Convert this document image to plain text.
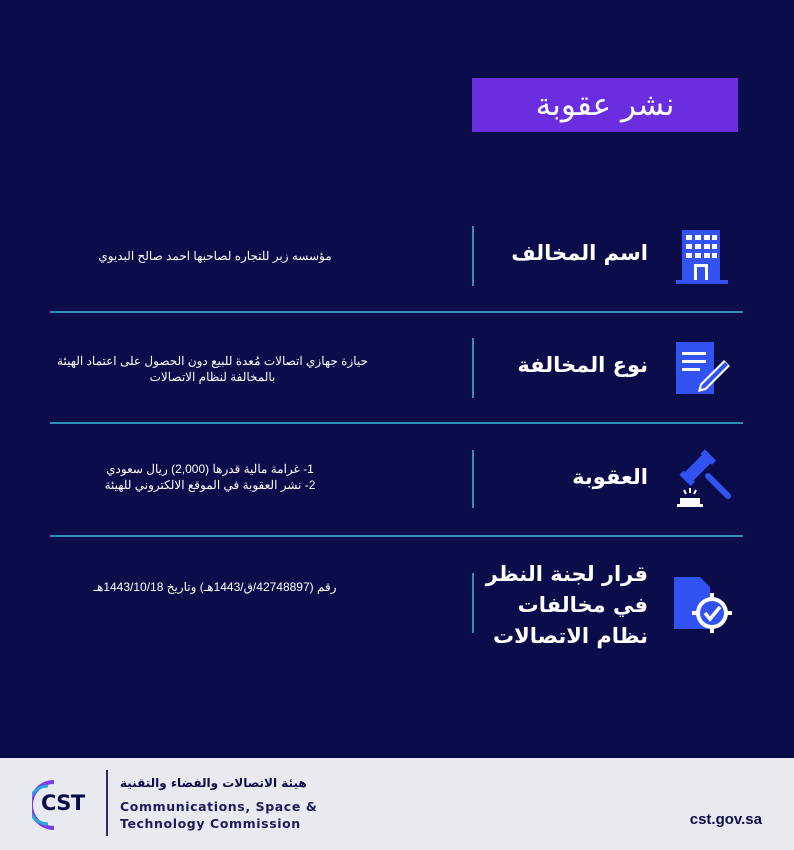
نشر عقوبة
اسم المخالف
مؤسسه زبر للتجاره لصاحبها احمد صالح البديوي
نوع المخالفة
حيازة جهازي اتصالات مُعدة للبيع دون الحصول على اعتماد الهيئة بالمخالفة لنظام الاتصالات
العقوبة
1- غرامة مالية قدرها (2,000) ريال سعودي
2- نشر العقوبة في الموقع الالكتروني للهيئة
قرار لجنة النظر
في مخالفات
نظام الاتصالات
رقم (42748897/ق/1443هـ) وتاريخ 1443/10/18هـ
CST
هيئة الاتصالات والفضاء والتقنية
Communications, Space &
Technology Commission	cst.gov.sa
